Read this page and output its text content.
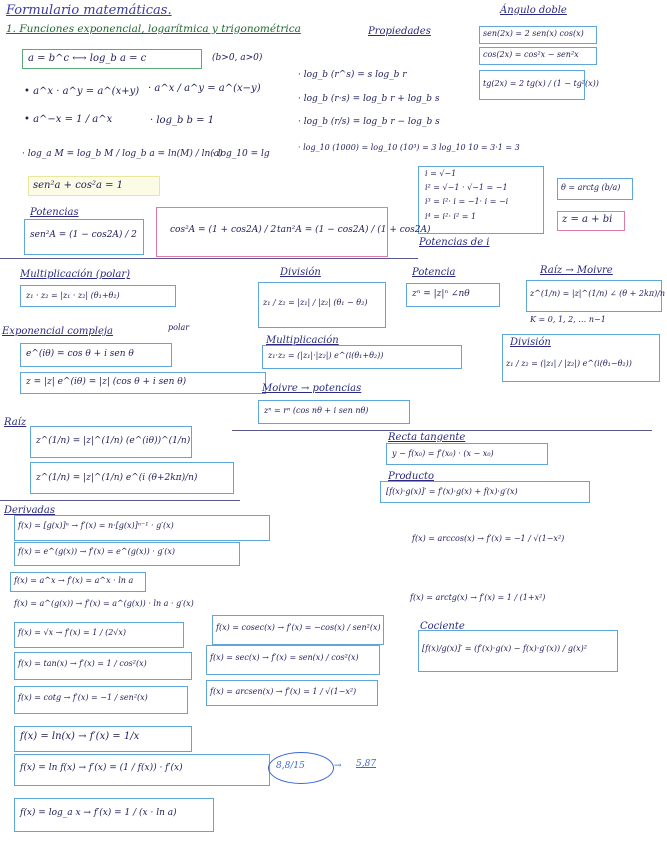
Formulario matemáticas.
1. Funciones exponencial, logarítmica y trigonométrica	Propiedades
Ángulo doble
a = b^c ⟷ log_b a = c	(b>0, a>0)
• a^x · a^y = a^(x+y) · a^x / a^y = a^(x−y)
• a^−x = 1 / a^x	· log_b b = 1
· log_a M = log_b M / log_b a = ln(M) / ln(a)
· log_10 = lg
sen²a + cos²a = 1
· log_b (r^s) = s log_b r
· log_b (r·s) = log_b r + log_b s
· log_b (r/s) = log_b r − log_b s
· log_10 (1000) = log_10 (10³) = 3 log_10 10 = 3·1 = 3
sen(2x) = 2 sen(x) cos(x)
cos(2x) = cos²x − sen²x
tg(2x) = 2 tg(x) / (1 − tg²(x))
i = √−1
i² = √−1 · √−1 = −1
i³ = i²· i = −1· i = −i
i⁴ = i²· i² = 1
θ = arctg (b/a)
z = a + bi
Potencias de i
Potencias
sen²A = (1 − cos2A) / 2	cos²A = (1 + cos2A) / 2 tan²A = (1 − cos2A) / (1 + cos2A)
Multiplicación (polar)
z₁ · z₂ = |z₁ · z₂| (θ₁+θ₂)
División
z₁ / z₂ = |z₁| / |z₂| (θ₁ − θ₂)
Potencia
zⁿ = |z|ⁿ ∠nθ
Raíz → Moivre
z^(1/n) = |z|^(1/n) ∠ (θ + 2kπ)/n
K = 0, 1, 2, … n−1
Exponencial compleja	polar
e^(iθ) = cos θ + i sen θ
z = |z| e^(iθ) = |z| (cos θ + i sen θ)
Multiplicación
z₁·z₂ = (|z₁|·|z₂|) e^(i(θ₁+θ₂))
Moivre → potencias
zⁿ = rⁿ (cos nθ + i sen nθ)
División
z₁ / z₂ = (|z₁| / |z₂|) e^(i(θ₁−θ₂))
Raíz
z^(1/n) = |z|^(1/n) (e^(iθ))^(1/n)
z^(1/n) = |z|^(1/n) e^(i (θ+2kπ)/n)
Recta tangente
y − f(x₀) = f′(x₀) · (x − x₀)
Producto
[f(x)·g(x)]′ = f′(x)·g(x) + f(x)·g′(x)
Cociente
[f(x)/g(x)]′ = (f′(x)·g(x) − f(x)·g′(x)) / g(x)²
Derivadas
f(x) = [g(x)]ⁿ → f′(x) = n·[g(x)]ⁿ⁻¹ · g′(x)
f(x) = e^(g(x)) → f′(x) = e^(g(x)) · g′(x)
f(x) = a^x → f′(x) = a^x · ln a
f(x) = a^(g(x)) → f′(x) = a^(g(x)) · ln a · g′(x)
f(x) = √x → f′(x) = 1 / (2√x)
f(x) = tan(x) → f′(x) = 1 / cos²(x)
f(x) = cotg → f′(x) = −1 / sen²(x)
f(x) = ln(x) → f′(x) = 1/x
f(x) = ln f(x) → f′(x) = (1 / f(x)) · f′(x)
f(x) = log_a x → f′(x) = 1 / (x · ln a)
f(x) = cosec(x) → f′(x) = −cos(x) / sen²(x)
f(x) = sec(x) → f′(x) = sen(x) / cos²(x)
f(x) = arcsen(x) → f′(x) = 1 / √(1−x²)
f(x) = arccos(x) → f′(x) = −1 / √(1−x²)
f(x) = arctg(x) → f′(x) = 1 / (1+x²)
8,8/15	→ 5,87
